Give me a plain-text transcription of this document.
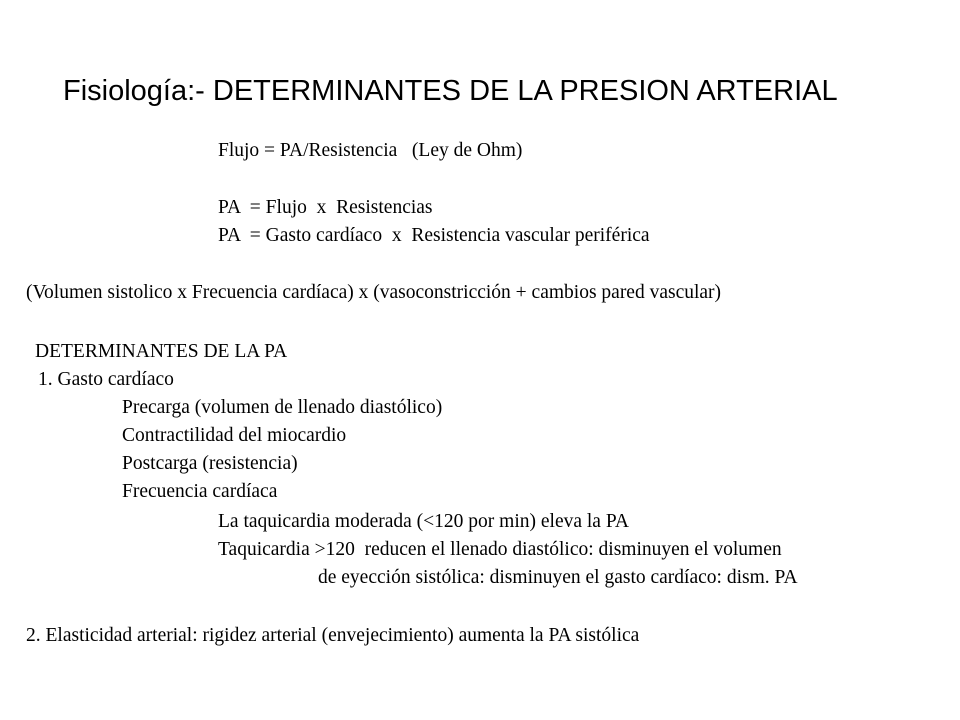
Fisiología:- DETERMINANTES DE LA PRESION ARTERIAL
Flujo = PA/Resistencia   (Ley de Ohm)
PA  = Flujo  x  Resistencias
PA  = Gasto cardíaco  x  Resistencia vascular periférica
(Volumen sistolico x Frecuencia cardíaca) x (vasoconstricción + cambios pared vascular)
DETERMINANTES DE LA PA
1. Gasto cardíaco
Precarga (volumen de llenado diastólico)
Contractilidad del miocardio
Postcarga (resistencia)
Frecuencia cardíaca
La taquicardia moderada (<120 por min) eleva la PA
Taquicardia >120  reducen el llenado diastólico: disminuyen el volumen
de eyección sistólica: disminuyen el gasto cardíaco: dism. PA
2. Elasticidad arterial: rigidez arterial (envejecimiento) aumenta la PA sistólica
